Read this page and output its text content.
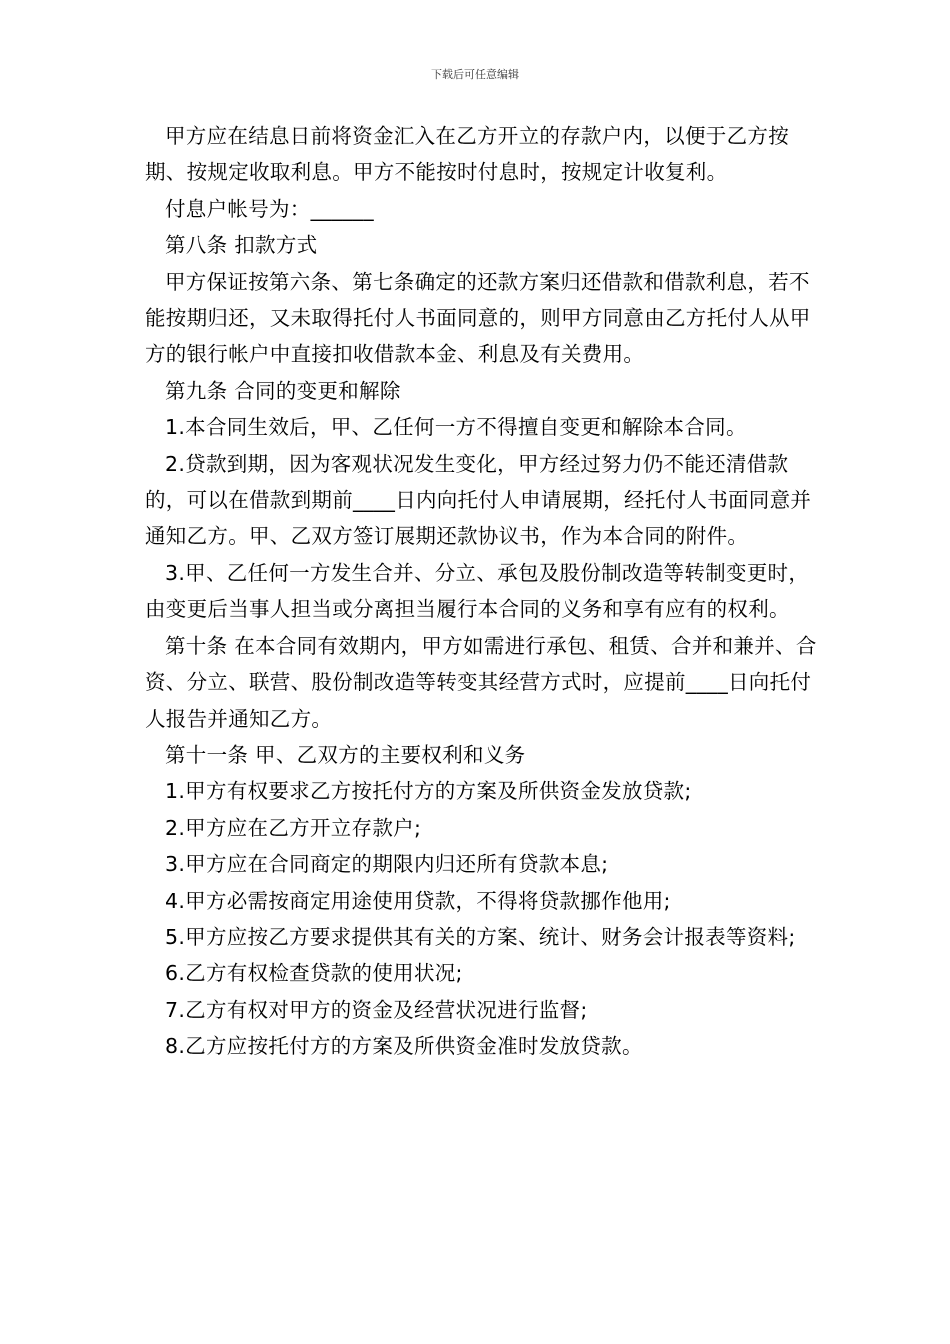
下载后可任意编辑

甲方应在结息日前将资金汇入在乙方开立的存款户内，以便于乙方按期、按规定收取利息。甲方不能按时付息时，按规定计收复利。

付息户帐号为：______

第八条 扣款方式

甲方保证按第六条、第七条确定的还款方案归还借款和借款利息，若不能按期归还，又未取得托付人书面同意的，则甲方同意由乙方托付人从甲方的银行帐户中直接扣收借款本金、利息及有关费用。

第九条 合同的变更和解除

1.本合同生效后，甲、乙任何一方不得擅自变更和解除本合同。

2.贷款到期，因为客观状况发生变化，甲方经过努力仍不能还清借款的，可以在借款到期前____日内向托付人申请展期，经托付人书面同意并通知乙方。甲、乙双方签订展期还款协议书，作为本合同的附件。

3.甲、乙任何一方发生合并、分立、承包及股份制改造等转制变更时，由变更后当事人担当或分离担当履行本合同的义务和享有应有的权利。

第十条 在本合同有效期内，甲方如需进行承包、租赁、合并和兼并、合资、分立、联营、股份制改造等转变其经营方式时，应提前____日向托付人报告并通知乙方。

第十一条 甲、乙双方的主要权利和义务

1.甲方有权要求乙方按托付方的方案及所供资金发放贷款;

2.甲方应在乙方开立存款户;

3.甲方应在合同商定的期限内归还所有贷款本息;

4.甲方必需按商定用途使用贷款，不得将贷款挪作他用;

5.甲方应按乙方要求提供其有关的方案、统计、财务会计报表等资料;

6.乙方有权检查贷款的使用状况;

7.乙方有权对甲方的资金及经营状况进行监督;

8.乙方应按托付方的方案及所供资金准时发放贷款。
